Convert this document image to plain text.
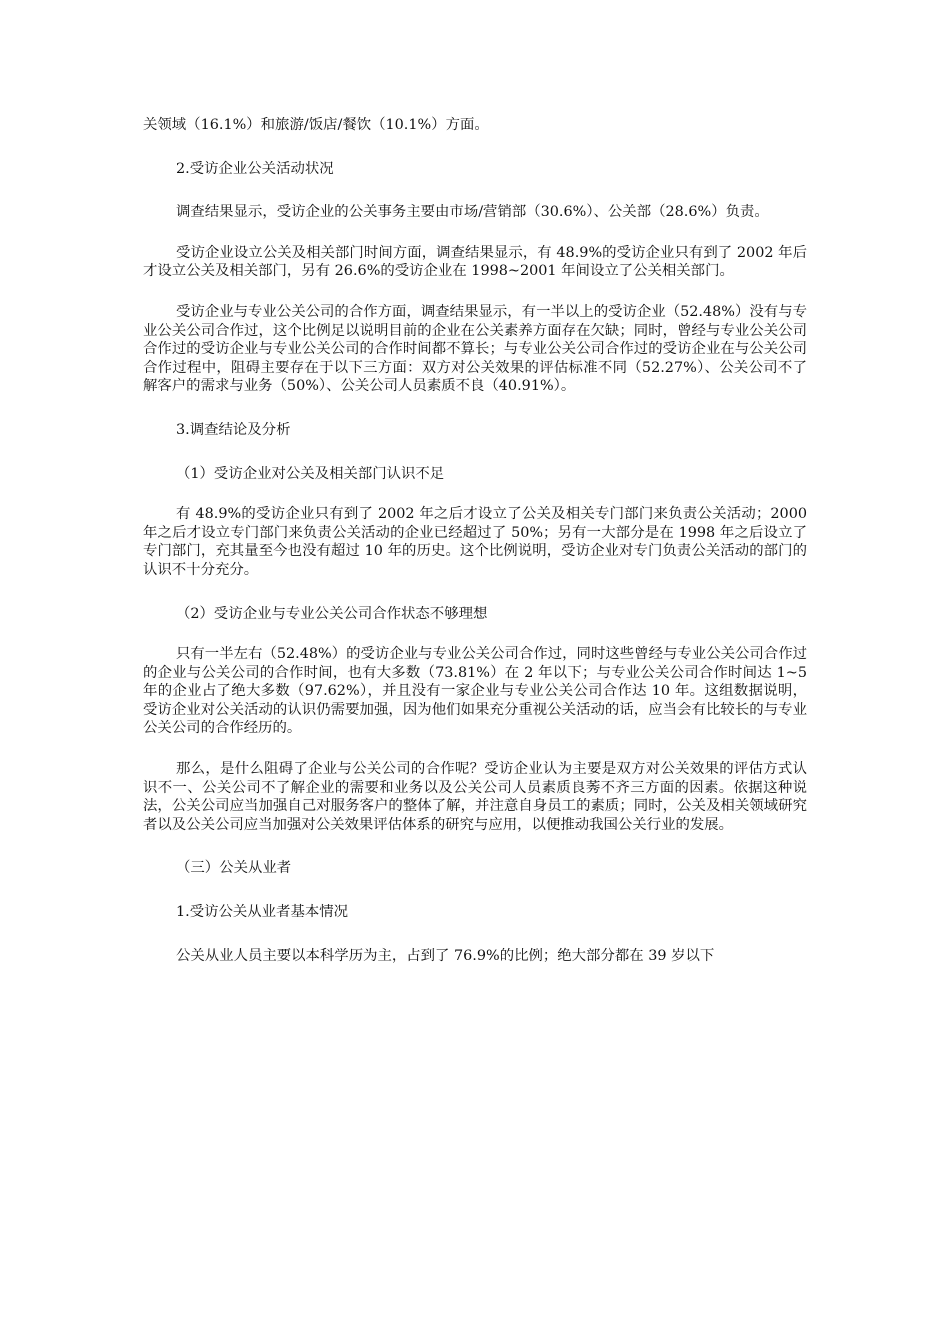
关领域（16.1%）和旅游/饭店/餐饮（10.1%）方面。

2.受访企业公关活动状况

调查结果显示，受访企业的公关事务主要由市场/营销部（30.6%）、公关部（28.6%）负责。

受访企业设立公关及相关部门时间方面，调查结果显示，有 48.9%的受访企业只有到了 2002 年后才设立公关及相关部门，另有 26.6%的受访企业在 1998~2001 年间设立了公关相关部门。

受访企业与专业公关公司的合作方面，调查结果显示，有一半以上的受访企业（52.48%）没有与专业公关公司合作过，这个比例足以说明目前的企业在公关素养方面存在欠缺；同时，曾经与专业公关公司合作过的受访企业与专业公关公司的合作时间都不算长；与专业公关公司合作过的受访企业在与公关公司合作过程中，阻碍主要存在于以下三方面：双方对公关效果的评估标准不同（52.27%）、公关公司不了解客户的需求与业务（50%）、公关公司人员素质不良（40.91%）。

3.调查结论及分析

（1）受访企业对公关及相关部门认识不足

有 48.9%的受访企业只有到了 2002 年之后才设立了公关及相关专门部门来负责公关活动；2000 年之后才设立专门部门来负责公关活动的企业已经超过了 50%；另有一大部分是在 1998 年之后设立了专门部门，充其量至今也没有超过 10 年的历史。这个比例说明，受访企业对专门负责公关活动的部门的认识不十分充分。

（2）受访企业与专业公关公司合作状态不够理想

只有一半左右（52.48%）的受访企业与专业公关公司合作过，同时这些曾经与专业公关公司合作过的企业与公关公司的合作时间，也有大多数（73.81%）在 2 年以下；与专业公关公司合作时间达 1~5 年的企业占了绝大多数（97.62%），并且没有一家企业与专业公关公司合作达 10 年。这组数据说明，受访企业对公关活动的认识仍需要加强，因为他们如果充分重视公关活动的话，应当会有比较长的与专业公关公司的合作经历的。

那么，是什么阻碍了企业与公关公司的合作呢？受访企业认为主要是双方对公关效果的评估方式认识不一、公关公司不了解企业的需要和业务以及公关公司人员素质良莠不齐三方面的因素。依据这种说法，公关公司应当加强自己对服务客户的整体了解，并注意自身员工的素质；同时，公关及相关领域研究者以及公关公司应当加强对公关效果评估体系的研究与应用，以便推动我国公关行业的发展。

（三）公关从业者

1.受访公关从业者基本情况

公关从业人员主要以本科学历为主，占到了 76.9%的比例；绝大部分都在 39 岁以下
